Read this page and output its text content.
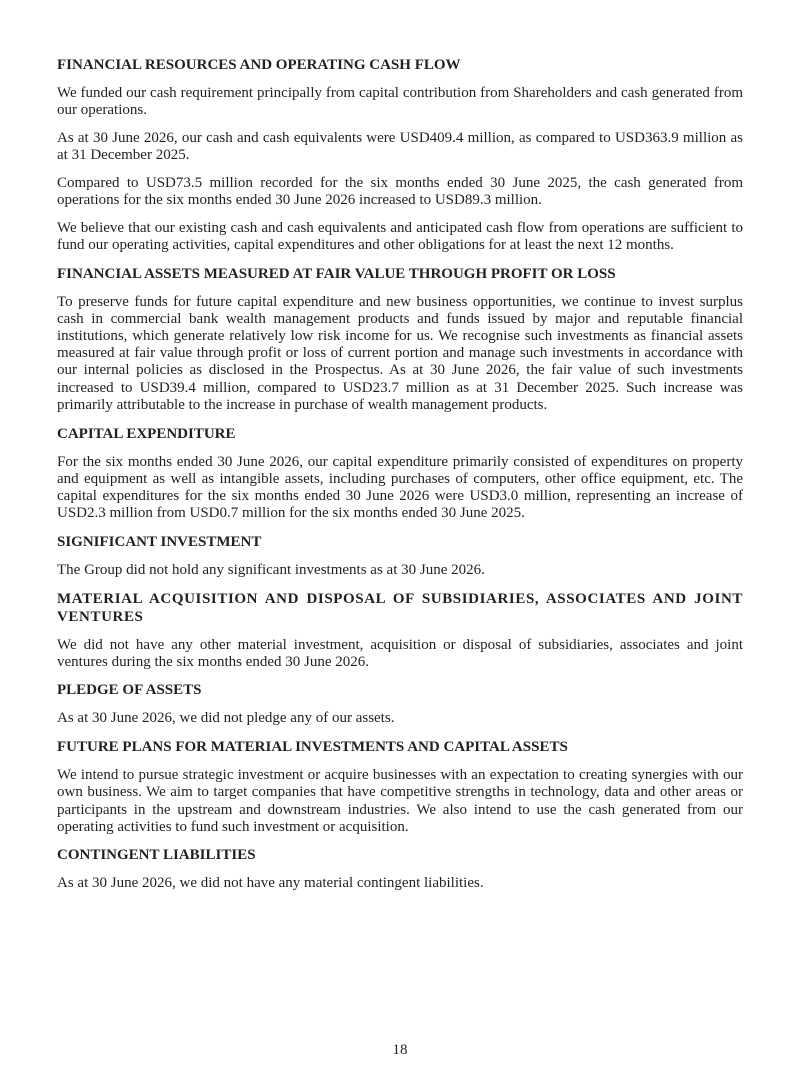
FINANCIAL RESOURCES AND OPERATING CASH FLOW

We funded our cash requirement principally from capital contribution from Shareholders and cash generated from our operations.

As at 30 June 2026, our cash and cash equivalents were USD409.4 million, as compared to USD363.9 million as at 31 December 2025.

Compared to USD73.5 million recorded for the six months ended 30 June 2025, the cash generated from operations for the six months ended 30 June 2026 increased to USD89.3 million.

We believe that our existing cash and cash equivalents and anticipated cash flow from operations are sufficient to fund our operating activities, capital expenditures and other obligations for at least the next 12 months.

FINANCIAL ASSETS MEASURED AT FAIR VALUE THROUGH PROFIT OR LOSS

To preserve funds for future capital expenditure and new business opportunities, we continue to invest surplus cash in commercial bank wealth management products and funds issued by major and reputable financial institutions, which generate relatively low risk income for us. We recognise such investments as financial assets measured at fair value through profit or loss of current portion and manage such investments in accordance with our internal policies as disclosed in the Prospectus. As at 30 June 2026, the fair value of such investments increased to USD39.4 million, compared to USD23.7 million as at 31 December 2025. Such increase was primarily attributable to the increase in purchase of wealth management products.

CAPITAL EXPENDITURE

For the six months ended 30 June 2026, our capital expenditure primarily consisted of expenditures on property and equipment as well as intangible assets, including purchases of computers, other office equipment, etc. The capital expenditures for the six months ended 30 June 2026 were USD3.0 million, representing an increase of USD2.3 million from USD0.7 million for the six months ended 30 June 2025.

SIGNIFICANT INVESTMENT

The Group did not hold any significant investments as at 30 June 2026.

MATERIAL ACQUISITION AND DISPOSAL OF SUBSIDIARIES, ASSOCIATES AND JOINT VENTURES

We did not have any other material investment, acquisition or disposal of subsidiaries, associates and joint ventures during the six months ended 30 June 2026.

PLEDGE OF ASSETS

As at 30 June 2026, we did not pledge any of our assets.

FUTURE PLANS FOR MATERIAL INVESTMENTS AND CAPITAL ASSETS

We intend to pursue strategic investment or acquire businesses with an expectation to creating synergies with our own business. We aim to target companies that have competitive strengths in technology, data and other areas or participants in the upstream and downstream industries. We also intend to use the cash generated from our operating activities to fund such investment or acquisition.

CONTINGENT LIABILITIES

As at 30 June 2026, we did not have any material contingent liabilities.

18
